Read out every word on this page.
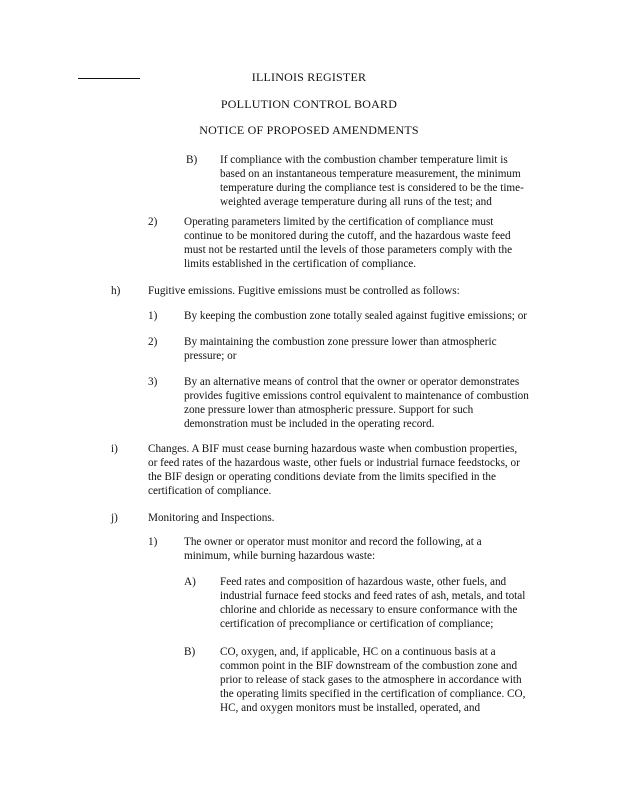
ILLINOIS REGISTER
POLLUTION CONTROL BOARD
NOTICE OF PROPOSED AMENDMENTS
B) If compliance with the combustion chamber temperature limit is
based on an instantaneous temperature measurement, the minimum
temperature during the compliance test is considered to be the time-
weighted average temperature during all runs of the test; and
2) Operating parameters limited by the certification of compliance must
continue to be monitored during the cutoff, and the hazardous waste feed
must not be restarted until the levels of those parameters comply with the
limits established in the certification of compliance.
h) Fugitive emissions. Fugitive emissions must be controlled as follows:
1) By keeping the combustion zone totally sealed against fugitive emissions; or
2) By maintaining the combustion zone pressure lower than atmospheric
pressure; or
3) By an alternative means of control that the owner or operator demonstrates
provides fugitive emissions control equivalent to maintenance of combustion
zone pressure lower than atmospheric pressure. Support for such
demonstration must be included in the operating record.
i)	Changes. A BIF must cease burning hazardous waste when combustion properties,
or feed rates of the hazardous waste, other fuels or industrial furnace feedstocks, or
the BIF design or operating conditions deviate from the limits specified in the
certification of compliance.
j)	Monitoring and Inspections.
1) The owner or operator must monitor and record the following, at a
minimum, while burning hazardous waste:
A) Feed rates and composition of hazardous waste, other fuels, and
industrial furnace feed stocks and feed rates of ash, metals, and total
chlorine and chloride as necessary to ensure conformance with the
certification of precompliance or certification of compliance;
B) CO, oxygen, and, if applicable, HC on a continuous basis at a
common point in the BIF downstream of the combustion zone and
prior to release of stack gases to the atmosphere in accordance with
the operating limits specified in the certification of compliance. CO,
HC, and oxygen monitors must be installed, operated, and
